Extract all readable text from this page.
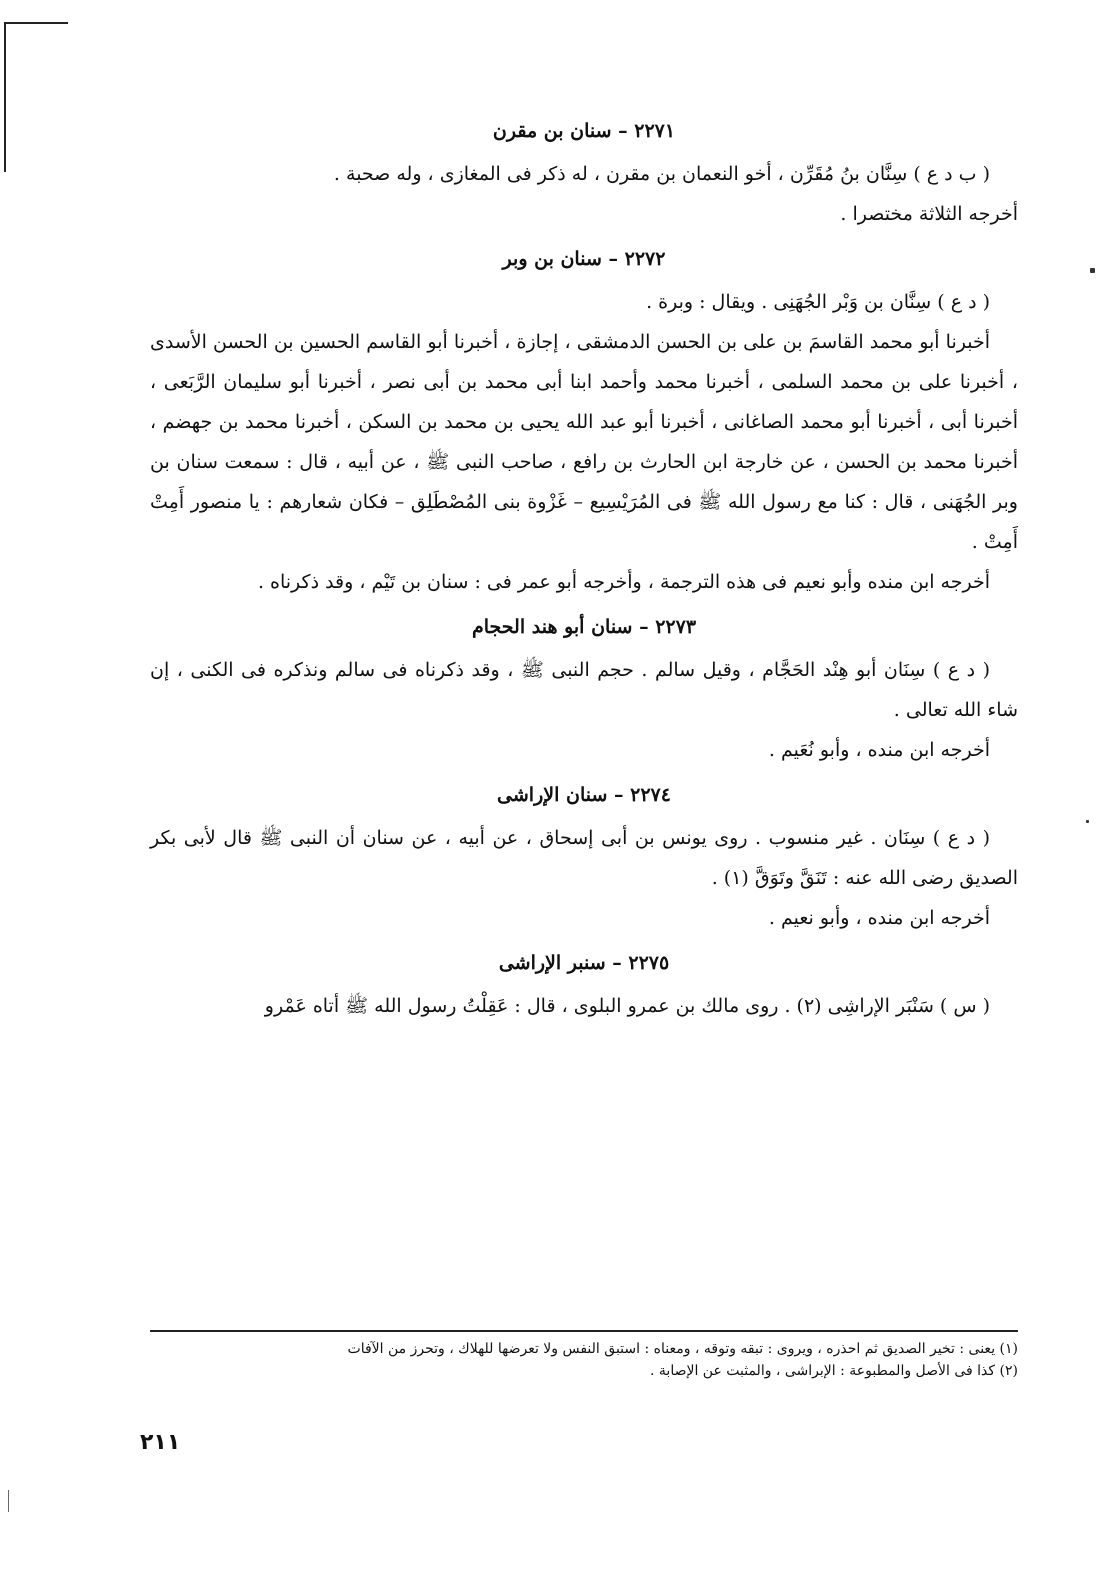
٢٢٧١ – سنان بن مقرن

( ب د ع ) سِنَّان بنُ مُقَرِّن ، أخو النعمان بن مقرن ، له ذكر فى المغازى ، وله صحبة .

أخرجه الثلاثة مختصرا .

٢٢٧٢ – سنان بن وبر

( د ع ) سِنَّان بن وَبْر الجُهَنِى . ويقال : وبرة .

أخبرنا أبو محمد القاسمَ بن على بن الحسن الدمشقى ، إجازة ، أخبرنا أبو القاسم الحسين بن الحسن الأسدى ، أخبرنا على بن محمد السلمى ، أخبرنا محمد وأحمد ابنا أبى محمد بن أبى نصر ، أخبرنا أبو سليمان الرَّبَعى ، أخبرنا أبى ، أخبرنا أبو محمد الصاغانى ، أخبرنا أبو عبد الله يحيى بن محمد بن السكن ، أخبرنا محمد بن جهضم ، أخبرنا محمد بن الحسن ، عن خارجة ابن الحارث بن رافع ، صاحب النبى ﷺ ، عن أبيه ، قال : سمعت سنان بن وبر الجُهَنى ، قال : كنا مع رسول الله ﷺ فى المُرَيْسِيع – غَزْوة بنى المُصْطَلِق – فكان شعارهم : يا منصور أَمِتْ أَمِتْ .

أخرجه ابن منده وأبو نعيم فى هذه الترجمة ، وأخرجه أبو عمر فى : سنان بن تَيْم ، وقد ذكرناه .

٢٢٧٣ – سنان أبو هند الحجام

( د ع ) سِنَان أبو هِنْد الحَجَّام ، وقيل سالم . حجم النبى ﷺ ، وقد ذكرناه فى سالم ونذكره فى الكنى ، إن شاء الله تعالى .

أخرجه ابن منده ، وأبو نُعَيم .

٢٢٧٤ – سنان الإراشى

( د ع ) سِنَان . غير منسوب . روى يونس بن أبى إسحاق ، عن أبيه ، عن سنان أن النبى ﷺ قال لأبى بكر الصديق رضى الله عنه : تَنَقَّ وتَوَقَّ (١) .

أخرجه ابن منده ، وأبو نعيم .

٢٢٧٥ – سنبر الإراشى

( س ) سَنْبَر الإراشِى (٢) . روى مالك بن عمرو البلوى ، قال : عَقِلْتُ رسول الله ﷺ أتاه عَمْرو

(١) يعنى : تخير الصديق ثم احذره ، ويروى : تبقه وتوقه ، ومعناه : استبق النفس ولا تعرضها للهلاك ، وتحرز من الآفات

(٢) كذا فى الأصل والمطبوعة : الإبراشى ، والمثبت عن الإصابة .

٢١١
